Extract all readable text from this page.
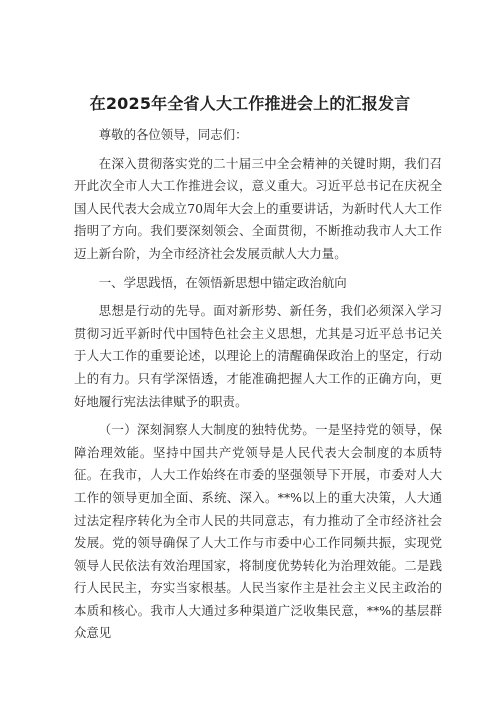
在2025年全省人大工作推进会上的汇报发言

尊敬的各位领导，同志们：

在深入贯彻落实党的二十届三中全会精神的关键时期，我们召开此次全市人大工作推进会议，意义重大。习近平总书记在庆祝全国人民代表大会成立70周年大会上的重要讲话，为新时代人大工作指明了方向。我们要深刻领会、全面贯彻，不断推动我市人大工作迈上新台阶，为全市经济社会发展贡献人大力量。

一、学思践悟，在领悟新思想中锚定政治航向

思想是行动的先导。面对新形势、新任务，我们必须深入学习贯彻习近平新时代中国特色社会主义思想，尤其是习近平总书记关于人大工作的重要论述，以理论上的清醒确保政治上的坚定，行动上的有力。只有学深悟透，才能准确把握人大工作的正确方向，更好地履行宪法法律赋予的职责。

（一）深刻洞察人大制度的独特优势。一是坚持党的领导，保障治理效能。坚持中国共产党领导是人民代表大会制度的本质特征。在我市，人大工作始终在市委的坚强领导下开展，市委对人大工作的领导更加全面、系统、深入。**%以上的重大决策，人大通过法定程序转化为全市人民的共同意志，有力推动了全市经济社会发展。党的领导确保了人大工作与市委中心工作同频共振，实现党领导人民依法有效治理国家，将制度优势转化为治理效能。二是践行人民民主，夯实当家根基。人民当家作主是社会主义民主政治的本质和核心。我市人大通过多种渠道广泛收集民意，**%的基层群众意见
